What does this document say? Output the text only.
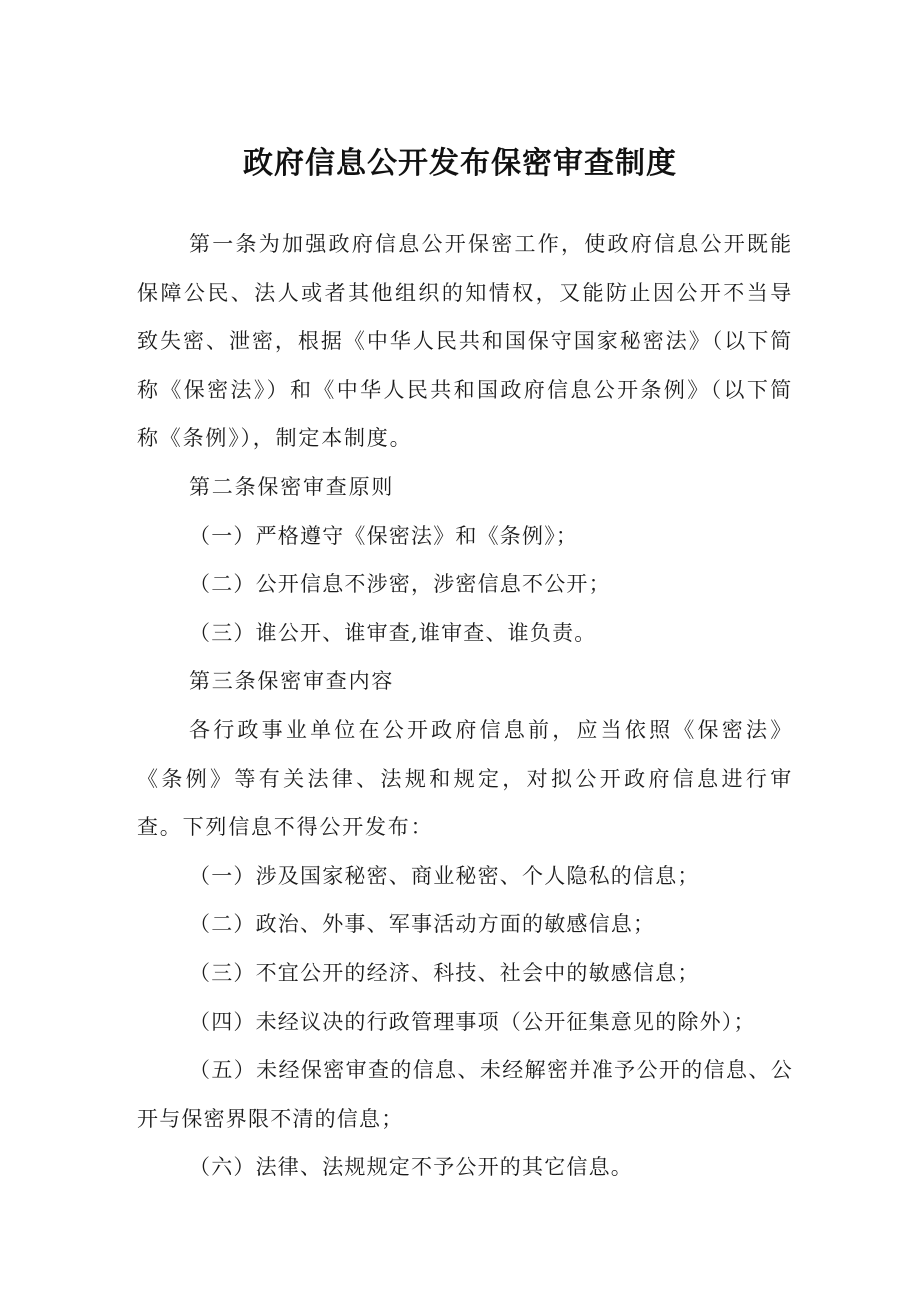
政府信息公开发布保密审查制度

第一条为加强政府信息公开保密工作，使政府信息公开既能保障公民、法人或者其他组织的知情权，又能防止因公开不当导致失密、泄密，根据《中华人民共和国保守国家秘密法》（以下简称《保密法》）和《中华人民共和国政府信息公开条例》（以下简称《条例》），制定本制度。

第二条保密审查原则

（一）严格遵守《保密法》和《条例》；

（二）公开信息不涉密，涉密信息不公开；

（三）谁公开、谁审查,谁审查、谁负责。

第三条保密审查内容

各行政事业单位在公开政府信息前，应当依照《保密法》《条例》等有关法律、法规和规定，对拟公开政府信息进行审查。下列信息不得公开发布：

（一）涉及国家秘密、商业秘密、个人隐私的信息；

（二）政治、外事、军事活动方面的敏感信息；

（三）不宜公开的经济、科技、社会中的敏感信息；

（四）未经议决的行政管理事项（公开征集意见的除外）；

（五）未经保密审查的信息、未经解密并准予公开的信息、公开与保密界限不清的信息；

（六）法律、法规规定不予公开的其它信息。
